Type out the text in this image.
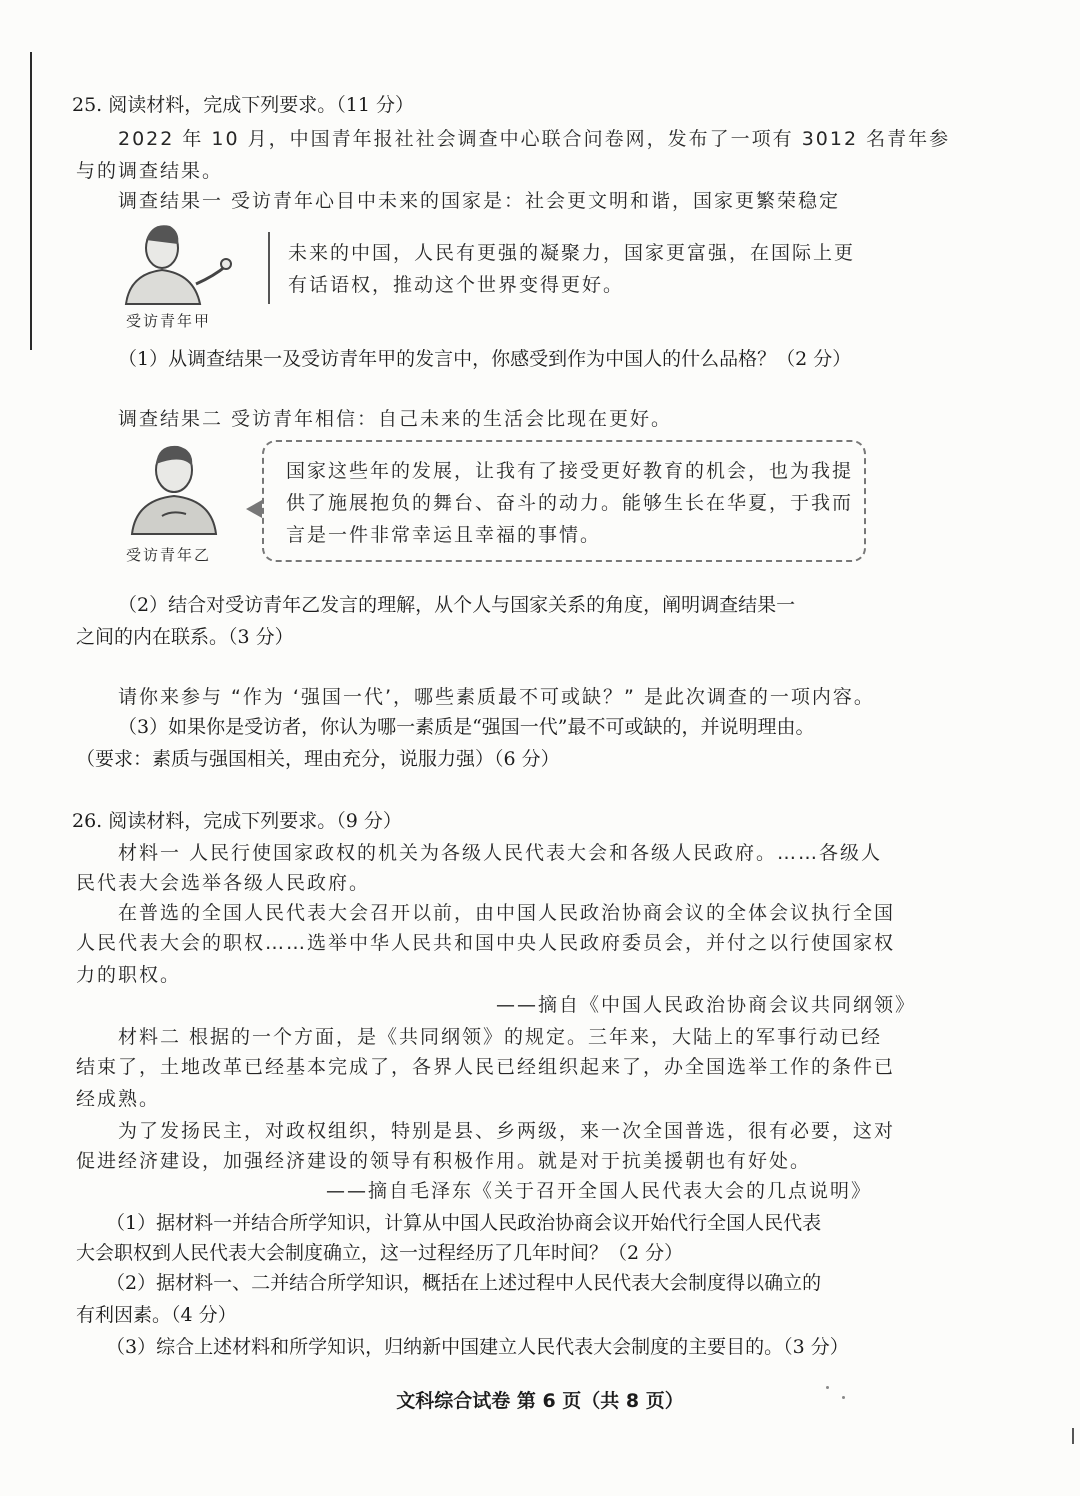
25. 阅读材料，完成下列要求。（11 分）
2022 年 10 月，中国青年报社社会调查中心联合问卷网，发布了一项有 3012 名青年参
与的调查结果。
调查结果一 受访青年心目中未来的国家是：社会更文明和谐，国家更繁荣稳定
受访青年甲
未来的中国，人民有更强的凝聚力，国家更富强，在国际上更
有话语权，推动这个世界变得更好。
（1）从调查结果一及受访青年甲的发言中，你感受到作为中国人的什么品格？（2 分）
调查结果二 受访青年相信：自己未来的生活会比现在更好。
受访青年乙
国家这些年的发展，让我有了接受更好教育的机会，也为我提
供了施展抱负的舞台、奋斗的动力。能够生长在华夏，于我而
言是一件非常幸运且幸福的事情。
（2）结合对受访青年乙发言的理解，从个人与国家关系的角度，阐明调查结果一
之间的内在联系。（3 分）
请你来参与 “作为 ‘强国一代’，哪些素质最不可或缺？” 是此次调查的一项内容。
（3）如果你是受访者，你认为哪一素质是“强国一代”最不可或缺的，并说明理由。
（要求：素质与强国相关，理由充分，说服力强）（6 分）
26. 阅读材料，完成下列要求。（9 分）
材料一 人民行使国家政权的机关为各级人民代表大会和各级人民政府。……各级人
民代表大会选举各级人民政府。
在普选的全国人民代表大会召开以前，由中国人民政治协商会议的全体会议执行全国
人民代表大会的职权……选举中华人民共和国中央人民政府委员会，并付之以行使国家权
力的职权。
——摘自《中国人民政治协商会议共同纲领》
材料二 根据的一个方面，是《共同纲领》的规定。三年来，大陆上的军事行动已经
结束了，土地改革已经基本完成了，各界人民已经组织起来了，办全国选举工作的条件已
经成熟。
为了发扬民主，对政权组织，特别是县、乡两级，来一次全国普选，很有必要，这对
促进经济建设，加强经济建设的领导有积极作用。就是对于抗美援朝也有好处。
——摘自毛泽东《关于召开全国人民代表大会的几点说明》
（1）据材料一并结合所学知识，计算从中国人民政治协商会议开始代行全国人民代表
大会职权到人民代表大会制度确立，这一过程经历了几年时间？（2 分）
（2）据材料一、二并结合所学知识，概括在上述过程中人民代表大会制度得以确立的
有利因素。（4 分）
（3）综合上述材料和所学知识，归纳新中国建立人民代表大会制度的主要目的。（3 分）
文科综合试卷 第 6 页（共 8 页）
